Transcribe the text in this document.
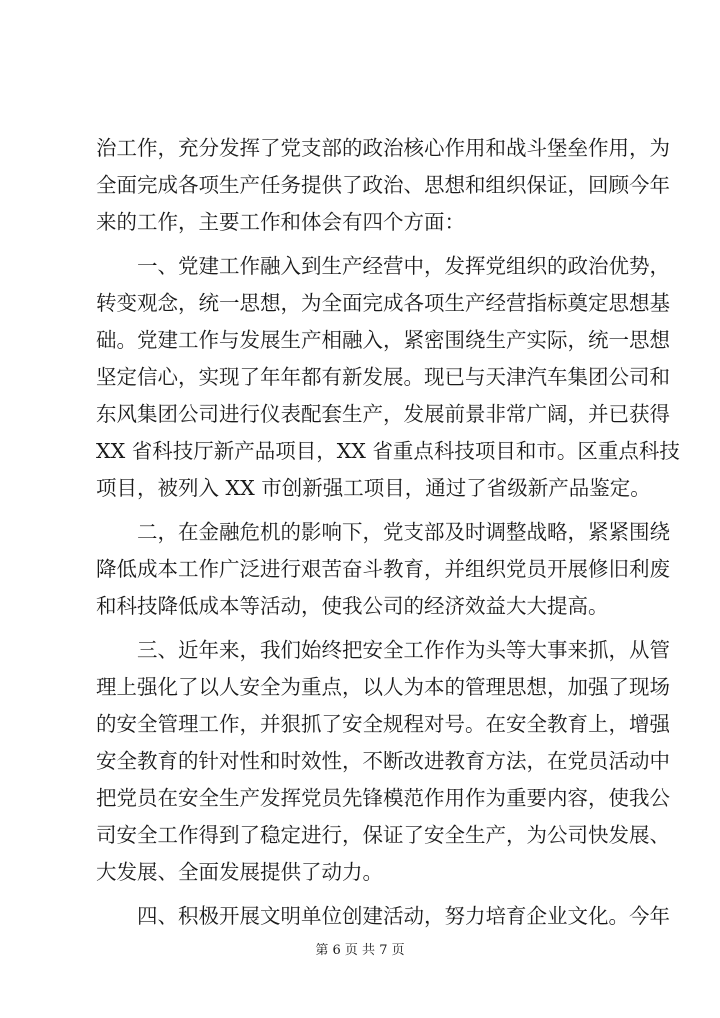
治工作，充分发挥了党支部的政治核心作用和战斗堡垒作用，为
全面完成各项生产任务提供了政治、思想和组织保证，回顾今年
来的工作，主要工作和体会有四个方面：
一、党建工作融入到生产经营中，发挥党组织的政治优势，
转变观念，统一思想，为全面完成各项生产经营指标奠定思想基
础。党建工作与发展生产相融入，紧密围绕生产实际，统一思想
坚定信心，实现了年年都有新发展。现已与天津汽车集团公司和
东风集团公司进行仪表配套生产，发展前景非常广阔，并已获得
XX 省科技厅新产品项目，XX 省重点科技项目和市。区重点科技
项目，被列入 XX 市创新强工项目，通过了省级新产品鉴定。
二，在金融危机的影响下，党支部及时调整战略，紧紧围绕
降低成本工作广泛进行艰苦奋斗教育，并组织党员开展修旧利废
和科技降低成本等活动，使我公司的经济效益大大提高。
三、近年来，我们始终把安全工作作为头等大事来抓，从管
理上强化了以人安全为重点，以人为本的管理思想，加强了现场
的安全管理工作，并狠抓了安全规程对号。在安全教育上，增强
安全教育的针对性和时效性，不断改进教育方法，在党员活动中
把党员在安全生产发挥党员先锋模范作用作为重要内容，使我公
司安全工作得到了稳定进行，保证了安全生产，为公司快发展、
大发展、全面发展提供了动力。
四、积极开展文明单位创建活动，努力培育企业文化。今年
第 6 页 共 7 页
